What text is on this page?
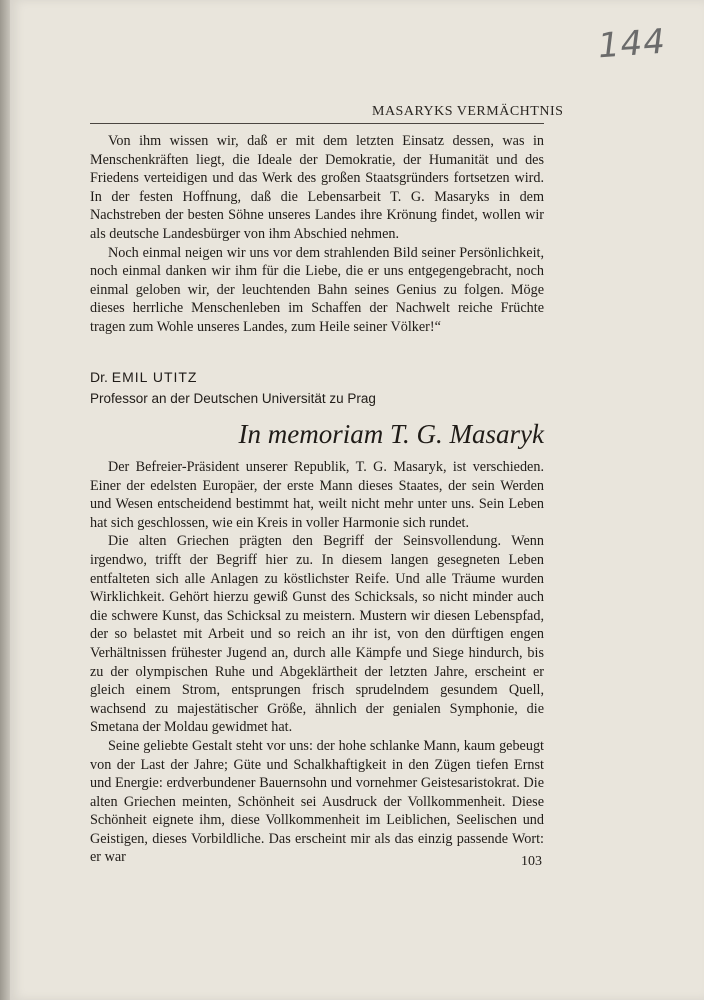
144
MASARYKS VERMÄCHTNIS

Von ihm wissen wir, daß er mit dem letzten Einsatz dessen, was in Menschenkräften liegt, die Ideale der Demokratie, der Humanität und des Friedens verteidigen und das Werk des großen Staatsgründers fortsetzen wird. In der festen Hoffnung, daß die Lebensarbeit T. G. Masaryks in dem Nachstreben der besten Söhne unseres Landes ihre Krönung findet, wollen wir als deutsche Landesbürger von ihm Abschied nehmen.

Noch einmal neigen wir uns vor dem strahlenden Bild seiner Persönlichkeit, noch einmal danken wir ihm für die Liebe, die er uns entgegengebracht, noch einmal geloben wir, der leuchtenden Bahn seines Genius zu folgen. Möge dieses herrliche Menschenleben im Schaffen der Nachwelt reiche Früchte tragen zum Wohle unseres Landes, zum Heile seiner Völker!“

Dr. EMIL UTITZ
Professor an der Deutschen Universität zu Prag
In memoriam T. G. Masaryk

Der Befreier-Präsident unserer Republik, T. G. Masaryk, ist verschieden. Einer der edelsten Europäer, der erste Mann dieses Staates, der sein Werden und Wesen entscheidend bestimmt hat, weilt nicht mehr unter uns. Sein Leben hat sich geschlossen, wie ein Kreis in voller Harmonie sich rundet.

Die alten Griechen prägten den Begriff der Seinsvollendung. Wenn irgendwo, trifft der Begriff hier zu. In diesem langen gesegneten Leben entfalteten sich alle Anlagen zu köstlichster Reife. Und alle Träume wurden Wirklichkeit. Gehört hierzu gewiß Gunst des Schicksals, so nicht minder auch die schwere Kunst, das Schicksal zu meistern. Mustern wir diesen Lebenspfad, der so belastet mit Arbeit und so reich an ihr ist, von den dürftigen engen Verhältnissen frühester Jugend an, durch alle Kämpfe und Siege hindurch, bis zu der olympischen Ruhe und Abgeklärtheit der letzten Jahre, erscheint er gleich einem Strom, entsprungen frisch sprudelndem gesundem Quell, wachsend zu majestätischer Größe, ähnlich der genialen Symphonie, die Smetana der Moldau gewidmet hat.

Seine geliebte Gestalt steht vor uns: der hohe schlanke Mann, kaum gebeugt von der Last der Jahre; Güte und Schalkhaftigkeit in den Zügen tiefen Ernst und Energie: erdverbundener Bauernsohn und vornehmer Geistesaristokrat. Die alten Griechen meinten, Schönheit sei Ausdruck der Vollkommenheit. Diese Schönheit eignete ihm, diese Vollkommenheit im Leiblichen, Seelischen und Geistigen, dieses Vorbildliche. Das erscheint mir als das einzig passende Wort: er war	103
